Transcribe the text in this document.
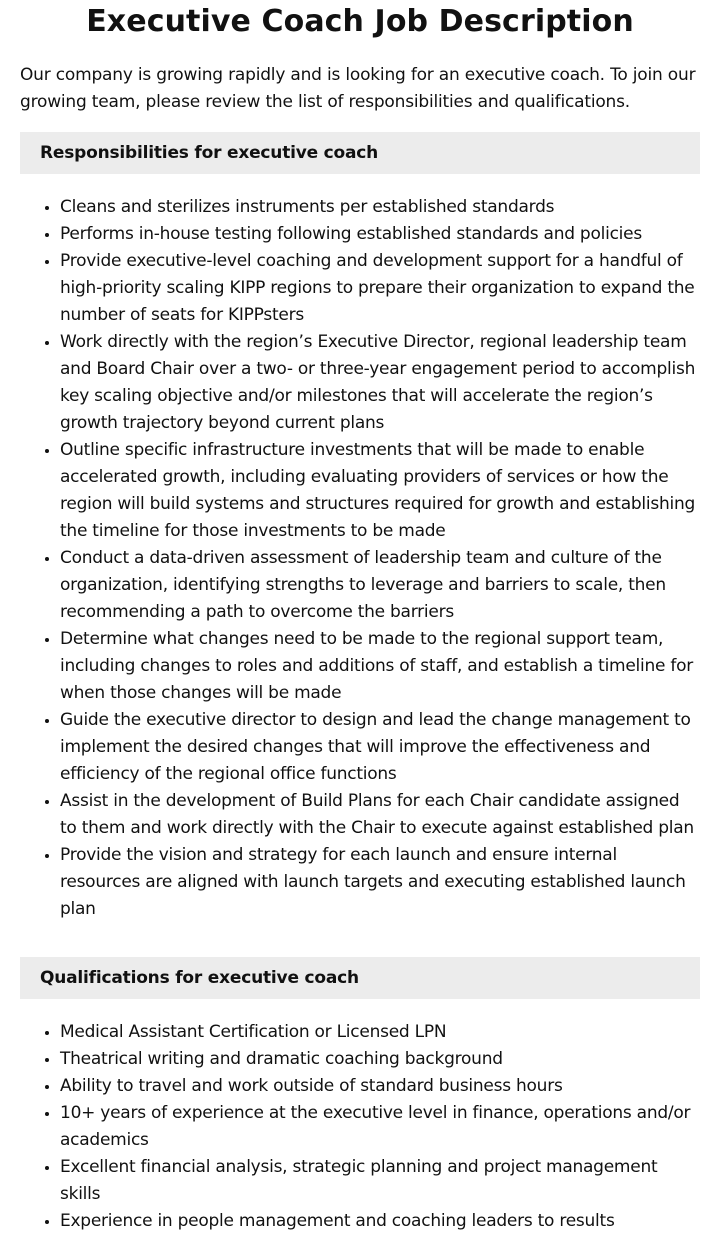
Executive Coach Job Description

Our company is growing rapidly and is looking for an executive coach. To join our growing team, please review the list of responsibilities and qualifications.

Responsibilities for executive coach
• Cleans and sterilizes instruments per established standards
• Performs in-house testing following established standards and policies
• Provide executive-level coaching and development support for a handful of high-priority scaling KIPP regions to prepare their organization to expand the number of seats for KIPPsters
• Work directly with the region’s Executive Director, regional leadership team and Board Chair over a two- or three-year engagement period to accomplish key scaling objective and/or milestones that will accelerate the region’s growth trajectory beyond current plans
• Outline specific infrastructure investments that will be made to enable accelerated growth, including evaluating providers of services or how the region will build systems and structures required for growth and establishing the timeline for those investments to be made
• Conduct a data-driven assessment of leadership team and culture of the organization, identifying strengths to leverage and barriers to scale, then recommending a path to overcome the barriers
• Determine what changes need to be made to the regional support team, including changes to roles and additions of staff, and establish a timeline for when those changes will be made
• Guide the executive director to design and lead the change management to implement the desired changes that will improve the effectiveness and efficiency of the regional office functions
• Assist in the development of Build Plans for each Chair candidate assigned to them and work directly with the Chair to execute against established plan
• Provide the vision and strategy for each launch and ensure internal resources are aligned with launch targets and executing established launch plan
Qualifications for executive coach
• Medical Assistant Certification or Licensed LPN
• Theatrical writing and dramatic coaching background
• Ability to travel and work outside of standard business hours
• 10+ years of experience at the executive level in finance, operations and/or academics
• Excellent financial analysis, strategic planning and project management skills
• Experience in people management and coaching leaders to results
